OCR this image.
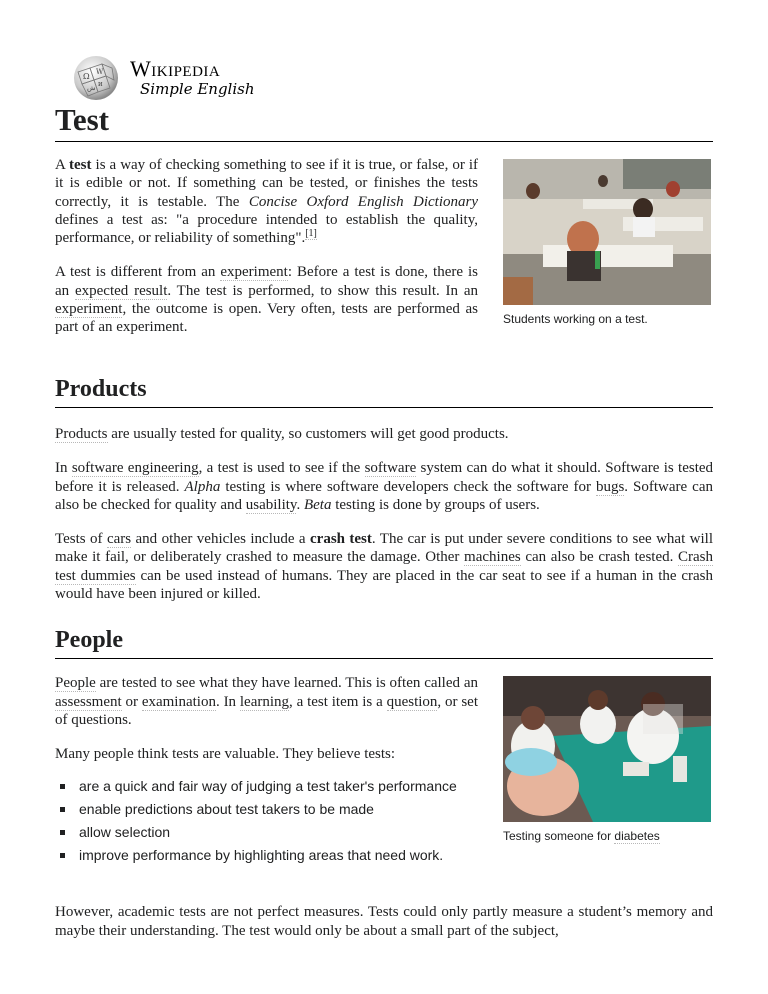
Ω W
и
ش
Wikipedia
Simple English
Test

A test is a way of checking something to see if it is true, or false, or if it is edible or not. If something can be tested, or finishes the tests correctly, it is testable. The Concise Oxford English Dictionary defines a test as: "a procedure intended to establish the quality, performance, or reliability of something".[1]

A test is different from an experiment: Before a test is done, there is an expected result. The test is performed, to show this result. In an experiment, the outcome is open. Very often, tests are performed as part of an experiment.

Students working on a test.
Products

Products are usually tested for quality, so customers will get good products.

In software engineering, a test is used to see if the software system can do what it should. Software is tested before it is released. Alpha testing is where software developers check the software for bugs. Software can also be checked for quality and usability. Beta testing is done by groups of users.

Tests of cars and other vehicles include a crash test. The car is put under severe conditions to see what will make it fail, or deliberately crashed to measure the damage. Other machines can also be crash tested. Crash test dummies can be used instead of humans. They are placed in the car seat to see if a human in the crash would have been injured or killed.

People

People are tested to see what they have learned. This is often called an assessment or examination. In learning, a test item is a question, or set of questions.

Many people think tests are valuable. They believe tests:

are a quick and fair way of judging a test taker's performance
enable predictions about test takers to be made
allow selection
improve performance by highlighting areas that need work.
Testing someone for diabetes

However, academic tests are not perfect measures. Tests could only partly measure a student’s memory and maybe their understanding. The test would only be about a small part of the subject,
